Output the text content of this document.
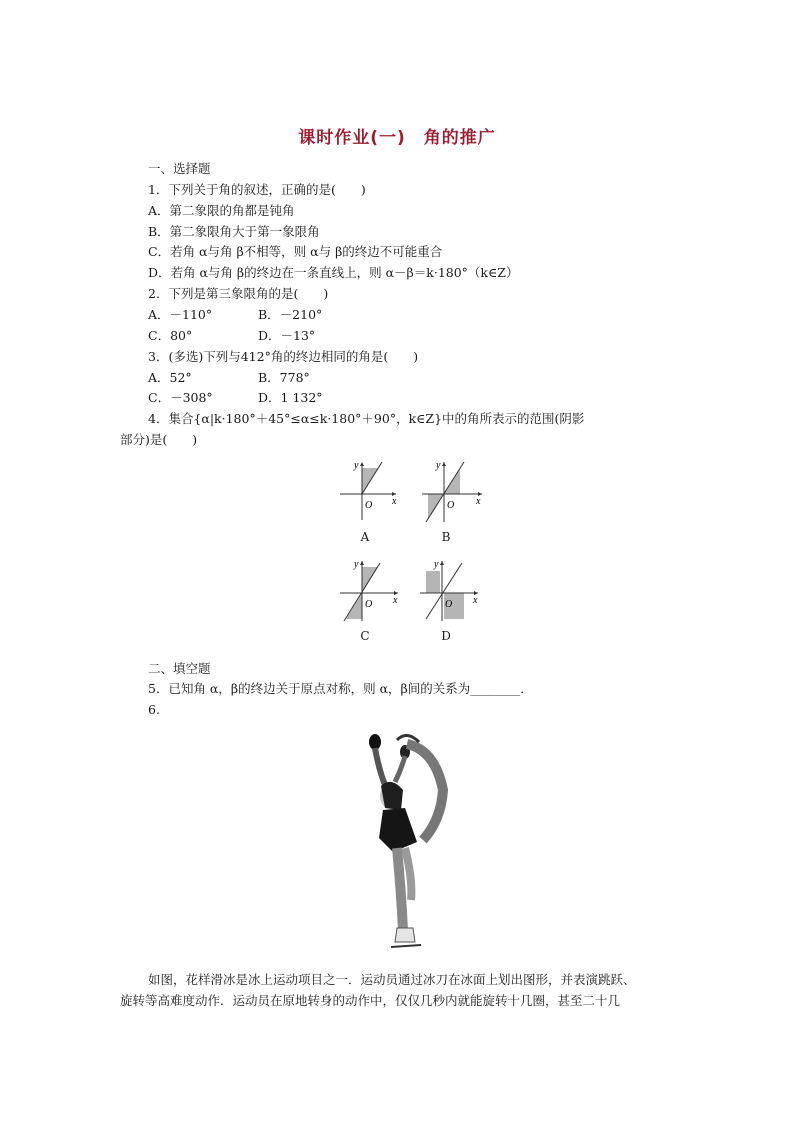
课时作业(一)　角的推广
一、选择题
1．下列关于角的叙述，正确的是(　　)
A．第二象限的角都是钝角
B．第二象限角大于第一象限角
C．若角 α与角 β不相等，则 α与 β的终边不可能重合
D．若角 α与角 β的终边在一条直线上，则 α－β＝k·180°（k∈Z）
2．下列是第三象限角的是(　　)
A．－110°	B．－210°
C．80°	D．－13°
3．(多选)下列与412°角的终边相同的角是(　　)
A．52°	B．778°
C．－308°	D．1 132°
4．集合{α|k·180°＋45°≤α≤k·180°＋90°，k∈Z}中的角所表示的范围(阴影
部分)是(　　)
y
x
O
A
y
x
O
B
y
x
O
C
y
x
O
D
二、填空题
5．已知角 α，β的终边关于原点对称，则 α，β间的关系为________．
6.
如图，花样滑冰是冰上运动项目之一．运动员通过冰刀在冰面上划出图形，并表演跳跃、
旋转等高难度动作．运动员在原地转身的动作中，仅仅几秒内就能旋转十几圈，甚至二十几
